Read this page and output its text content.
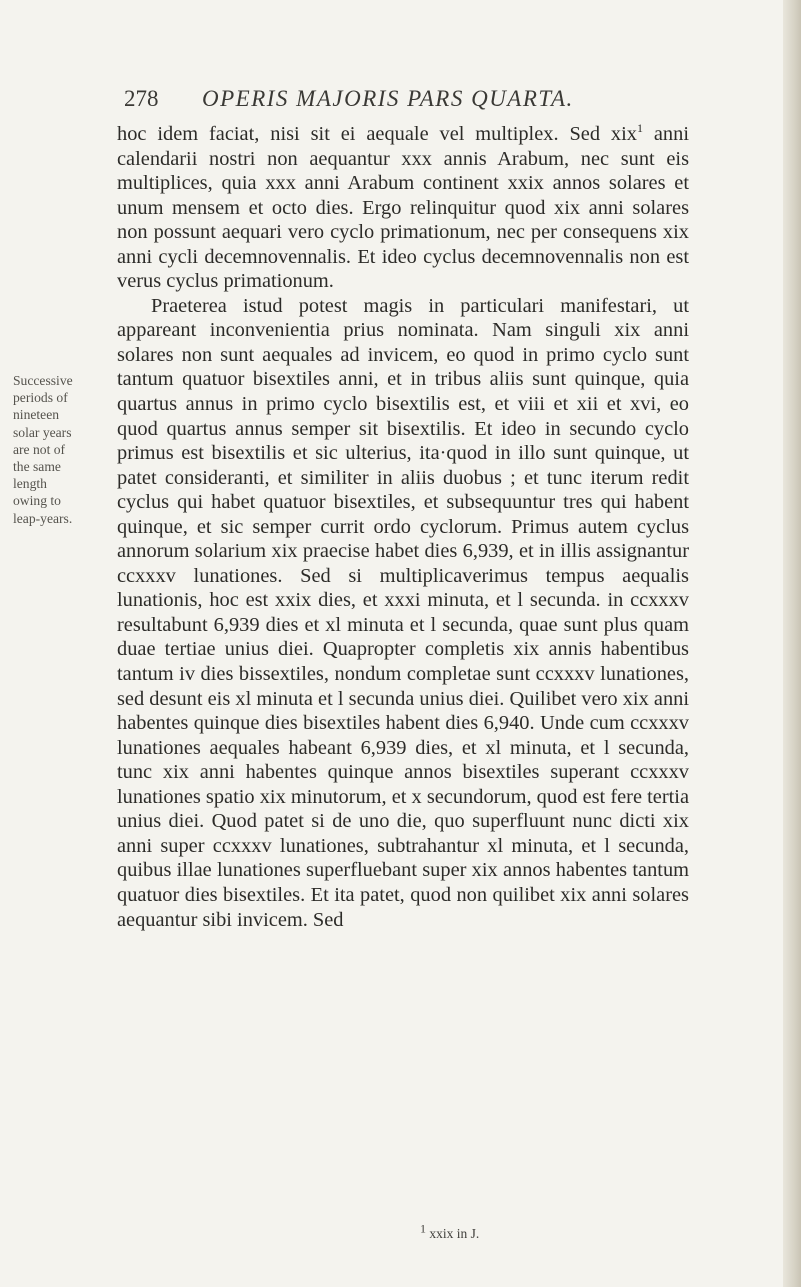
278 OPERIS MAJORIS PARS QUARTA.
Successive
periods of
nineteen
solar years
are not of
the same
length
owing to
leap-years.

hoc idem faciat, nisi sit ei aequale vel multiplex. Sed xix$^1$ anni calendarii nostri non aequantur xxx annis Arabum, nec sunt eis multiplices, quia xxx anni Arabum continent xxix annos solares et unum mensem et octo dies. Ergo relinquitur quod xix anni solares non possunt aequari vero cyclo primationum, nec per consequens xix anni cycli decemnovennalis. Et ideo cyclus decemnovennalis non est verus cyclus primationum.

Praeterea istud potest magis in particulari manifestari, ut appareant inconvenientia prius nominata. Nam singuli xix anni solares non sunt aequales ad invicem, eo quod in primo cyclo sunt tantum quatuor bisextiles anni, et in tribus aliis sunt quinque, quia quartus annus in primo cyclo bisextilis est, et viii et xii et xvi, eo quod quartus annus semper sit bisextilis. Et ideo in secundo cyclo primus est bisextilis et sic ulterius, ita·quod in illo sunt quinque, ut patet consideranti, et similiter in aliis duobus ; et tunc iterum redit cyclus qui habet quatuor bisextiles, et subsequuntur tres qui habent quinque, et sic semper currit ordo cyclorum. Primus autem cyclus annorum solarium xix praecise habet dies 6,939, et in illis assignantur ccxxxv lunationes. Sed si multiplicaverimus tempus aequalis lunationis, hoc est xxix dies, et xxxi minuta, et l secunda. in ccxxxv resultabunt 6,939 dies et xl minuta et l secunda, quae sunt plus quam duae tertiae unius diei. Quapropter completis xix annis habentibus tantum iv dies bissextiles, nondum completae sunt ccxxxv lunationes, sed desunt eis xl minuta et l secunda unius diei. Quilibet vero xix anni habentes quinque dies bisextiles habent dies 6,940. Unde cum ccxxxv lunationes aequales habeant 6,939 dies, et xl minuta, et l secunda, tunc xix anni habentes quinque annos bisextiles superant ccxxxv lunationes spatio xix minutorum, et x secundorum, quod est fere tertia unius diei. Quod patet si de uno die, quo superfluunt nunc dicti xix anni super ccxxxv lunationes, subtrahantur xl minuta, et l secunda, quibus illae lunationes superfluebant super xix annos habentes tantum quatuor dies bisextiles. Et ita patet, quod non quilibet xix anni solares aequantur sibi invicem. Sed

$^1$ xxix in J.
